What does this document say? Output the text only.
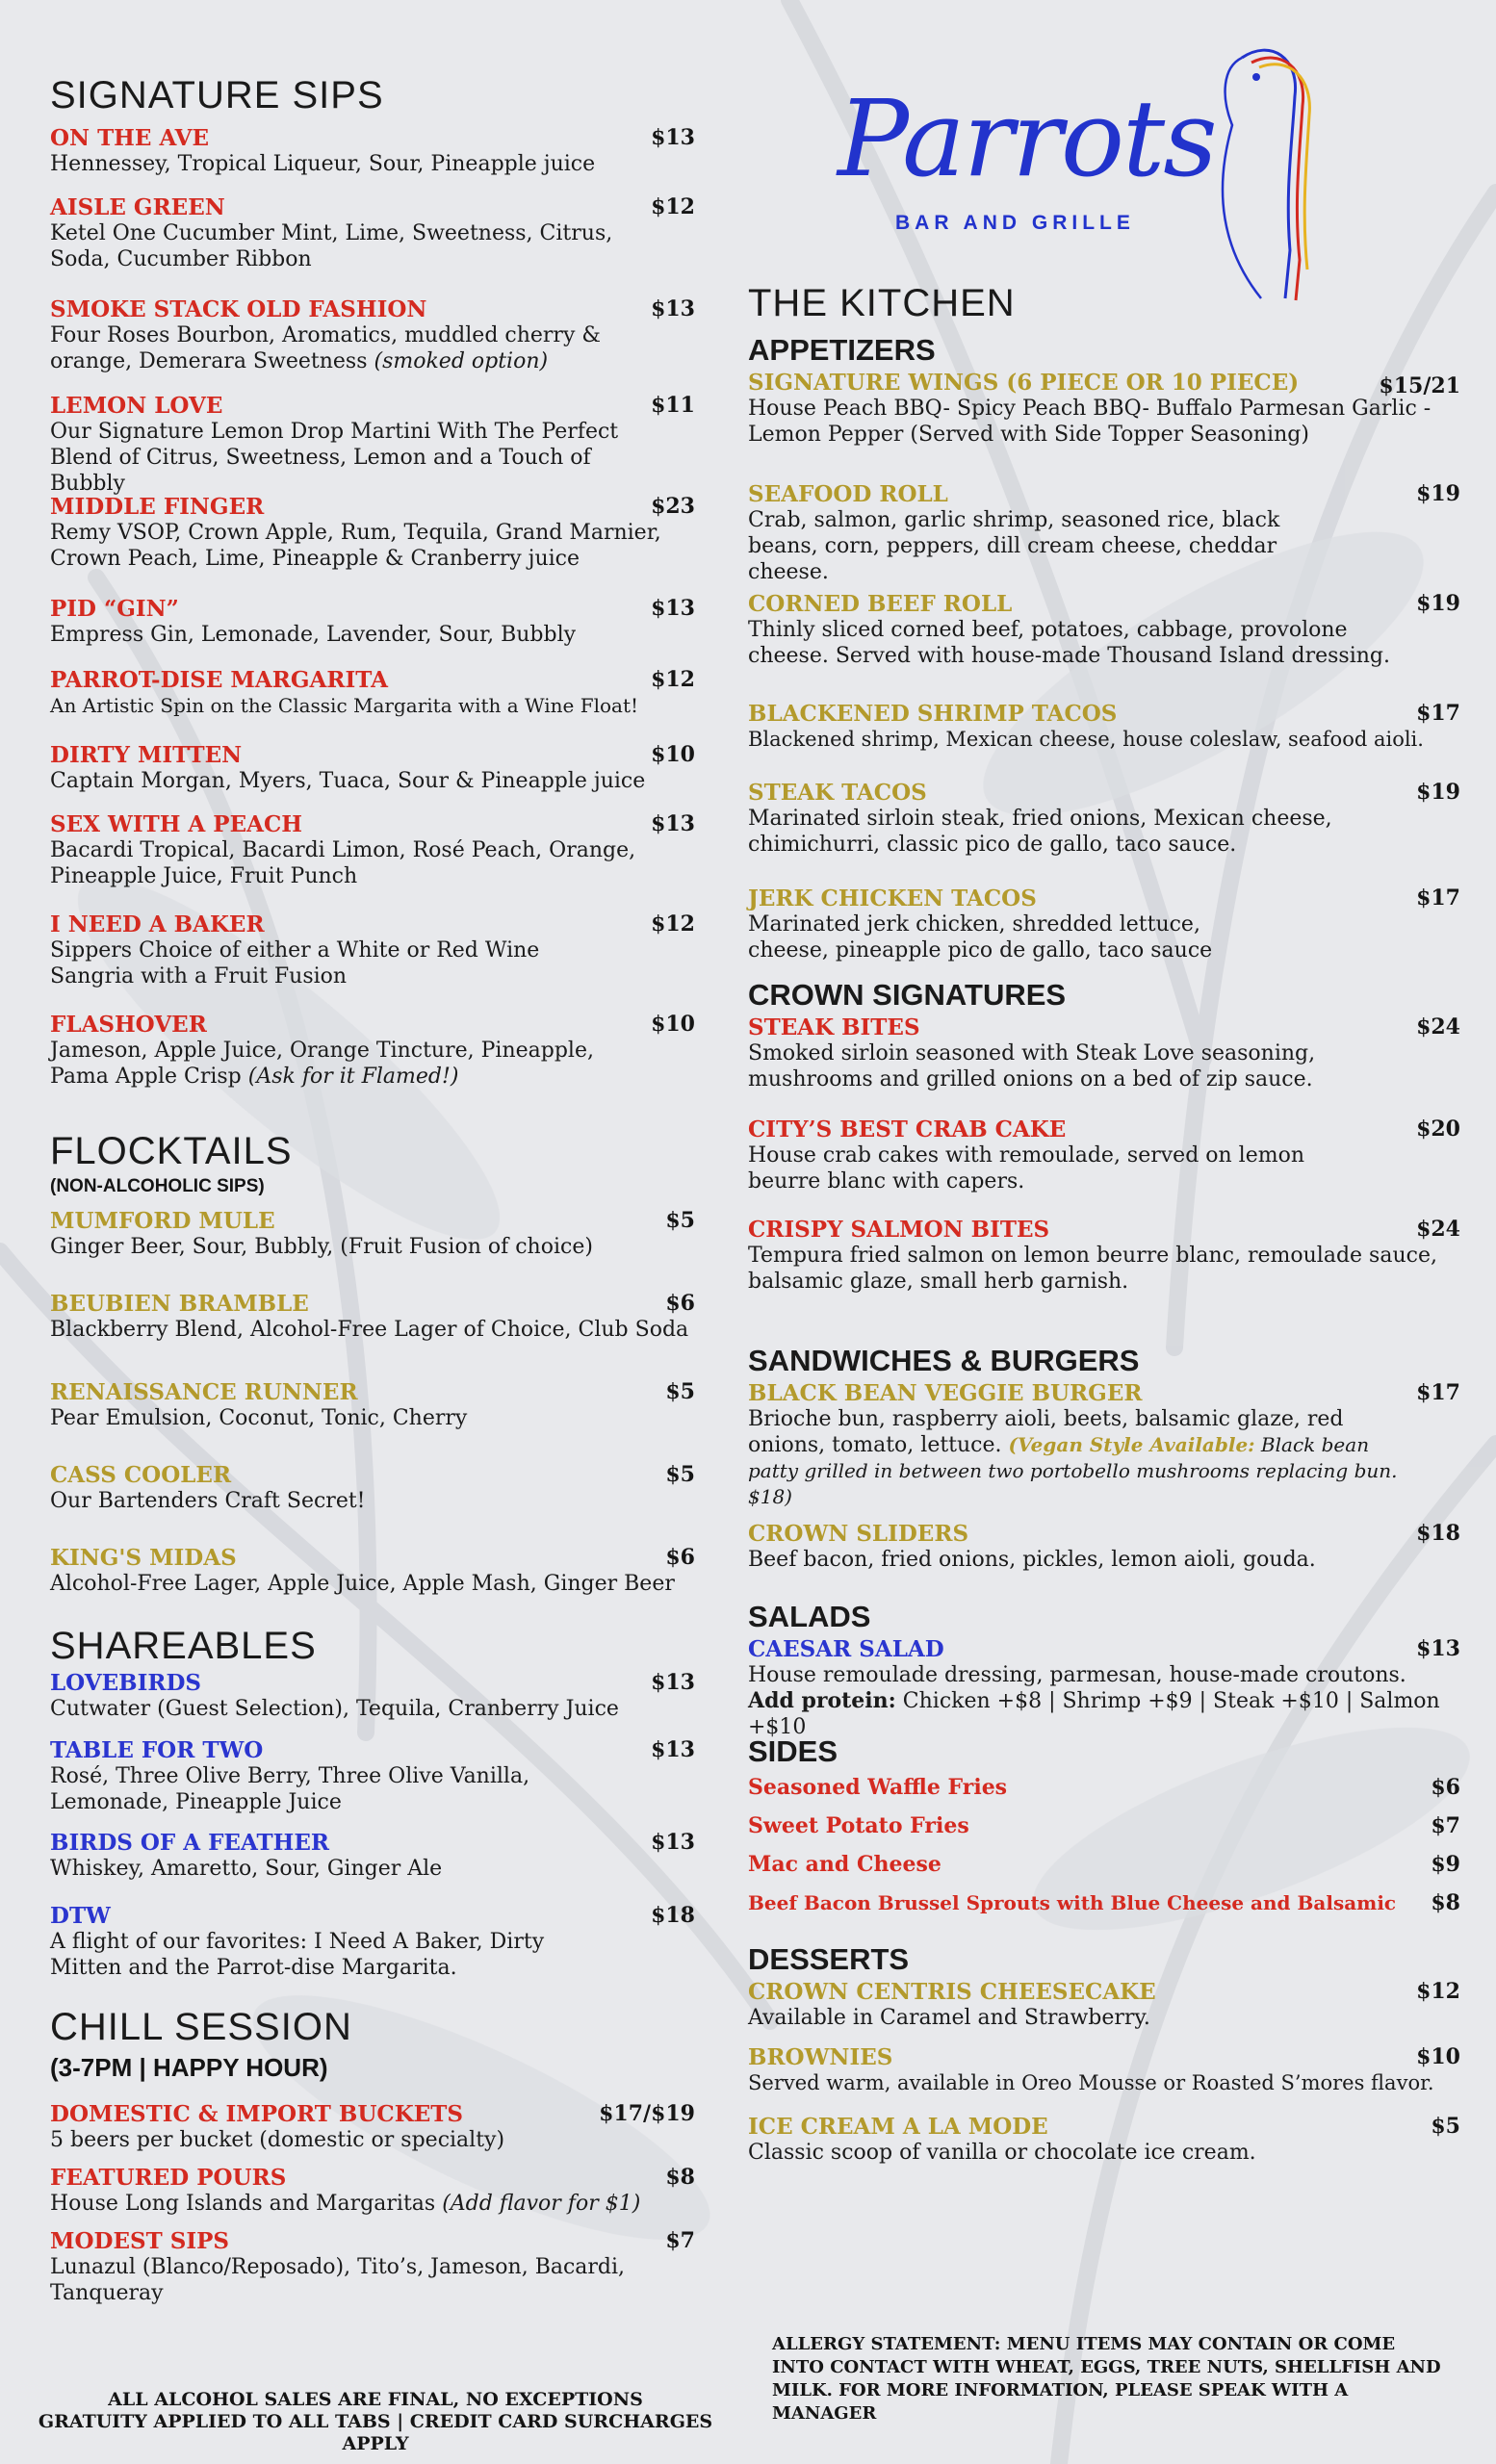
Parrots
BAR AND GRILLE
SIGNATURE SIPS
ON THE AVE	$13
Hennessey, Tropical Liqueur, Sour, Pineapple juice
AISLE GREEN	$12
Ketel One Cucumber Mint, Lime, Sweetness, Citrus, Soda, Cucumber Ribbon
SMOKE STACK OLD FASHION	$13
Four Roses Bourbon, Aromatics, muddled cherry & orange, Demerara Sweetness (smoked option)
LEMON LOVE	$11
Our Signature Lemon Drop Martini With The Perfect Blend of Citrus, Sweetness, Lemon and a Touch of Bubbly
MIDDLE FINGER	$23
Remy VSOP, Crown Apple, Rum, Tequila, Grand Marnier, Crown Peach, Lime, Pineapple & Cranberry juice
PID “GIN”	$13
Empress Gin, Lemonade, Lavender, Sour, Bubbly
PARROT-DISE MARGARITA	$12
An Artistic Spin on the Classic Margarita with a Wine Float!
DIRTY MITTEN	$10
Captain Morgan, Myers, Tuaca, Sour & Pineapple juice
SEX WITH A PEACH	$13
Bacardi Tropical, Bacardi Limon, Rosé Peach, Orange, Pineapple Juice, Fruit Punch
I NEED A BAKER	$12
Sippers Choice of either a White or Red Wine Sangria with a Fruit Fusion
FLASHOVER	$10
Jameson, Apple Juice, Orange Tincture, Pineapple, Pama Apple Crisp (Ask for it Flamed!)
FLOCKTAILS
(NON-ALCOHOLIC SIPS)
MUMFORD MULE	$5
Ginger Beer, Sour, Bubbly, (Fruit Fusion of choice)
BEUBIEN BRAMBLE	$6
Blackberry Blend, Alcohol-Free Lager of Choice, Club Soda
RENAISSANCE RUNNER	$5
Pear Emulsion, Coconut, Tonic, Cherry
CASS COOLER	$5
Our Bartenders Craft Secret!
KING'S MIDAS	$6
Alcohol-Free Lager, Apple Juice, Apple Mash, Ginger Beer
SHAREABLES
LOVEBIRDS	$13
Cutwater (Guest Selection), Tequila, Cranberry Juice
TABLE FOR TWO	$13
Rosé, Three Olive Berry, Three Olive Vanilla, Lemonade, Pineapple Juice
BIRDS OF A FEATHER	$13
Whiskey, Amaretto, Sour, Ginger Ale
DTW	$18
A flight of our favorites: I Need A Baker, Dirty Mitten and the Parrot-dise Margarita.
CHILL SESSION
(3-7PM | HAPPY HOUR)
DOMESTIC & IMPORT BUCKETS	$17/$19
5 beers per bucket (domestic or specialty)
FEATURED POURS	$8
House Long Islands and Margaritas (Add flavor for $1)
MODEST SIPS	$7
Lunazul (Blanco/Reposado), Tito’s, Jameson, Bacardi, Tanqueray
ALL ALCOHOL SALES ARE FINAL, NO EXCEPTIONS
GRATUITY APPLIED TO ALL TABS | CREDIT CARD SURCHARGES APPLY
THE KITCHEN
APPETIZERS
SIGNATURE WINGS (6 PIECE OR 10 PIECE)	$15/21
House Peach BBQ- Spicy Peach BBQ- Buffalo Parmesan Garlic -Lemon Pepper (Served with Side Topper Seasoning)
SEAFOOD ROLL	$19
Crab, salmon, garlic shrimp, seasoned rice, black beans, corn, peppers, dill cream cheese, cheddar cheese.
CORNED BEEF ROLL	$19
Thinly sliced corned beef, potatoes, cabbage, provolone cheese. Served with house-made Thousand Island dressing.
BLACKENED SHRIMP TACOS	$17
Blackened shrimp, Mexican cheese, house coleslaw, seafood aioli.
STEAK TACOS	$19
Marinated sirloin steak, fried onions, Mexican cheese, chimichurri, classic pico de gallo, taco sauce.
JERK CHICKEN TACOS	$17
Marinated jerk chicken, shredded lettuce, cheese, pineapple pico de gallo, taco sauce
CROWN SIGNATURES
STEAK BITES	$24
Smoked sirloin seasoned with Steak Love seasoning, mushrooms and grilled onions on a bed of zip sauce.
CITY’S BEST CRAB CAKE	$20
House crab cakes with remoulade, served on lemon beurre blanc with capers.
CRISPY SALMON BITES	$24
Tempura fried salmon on lemon beurre blanc, remoulade sauce, balsamic glaze, small herb garnish.
SANDWICHES & BURGERS
BLACK BEAN VEGGIE BURGER	$17
Brioche bun, raspberry aioli, beets, balsamic glaze, red onions, tomato, lettuce. (Vegan Style Available: Black bean patty grilled in between two portobello mushrooms replacing bun. $18)
CROWN SLIDERS	$18
Beef bacon, fried onions, pickles, lemon aioli, gouda.
SALADS
CAESAR SALAD	$13
House remoulade dressing, parmesan, house-made croutons.
Add protein: Chicken +$8 | Shrimp +$9 | Steak +$10 | Salmon +$10
SIDES
Seasoned Waffle Fries	$6
Sweet Potato Fries	$7
Mac and Cheese	$9
Beef Bacon Brussel Sprouts with Blue Cheese and Balsamic	$8
DESSERTS
CROWN CENTRIS CHEESECAKE	$12
Available in Caramel and Strawberry.
BROWNIES	$10
Served warm, available in Oreo Mousse or Roasted S’mores flavor.
ICE CREAM A LA MODE	$5
Classic scoop of vanilla or chocolate ice cream.
ALLERGY STATEMENT: MENU ITEMS MAY CONTAIN OR COME INTO CONTACT WITH WHEAT, EGGS, TREE NUTS, SHELLFISH AND MILK. FOR MORE INFORMATION, PLEASE SPEAK WITH A MANAGER
